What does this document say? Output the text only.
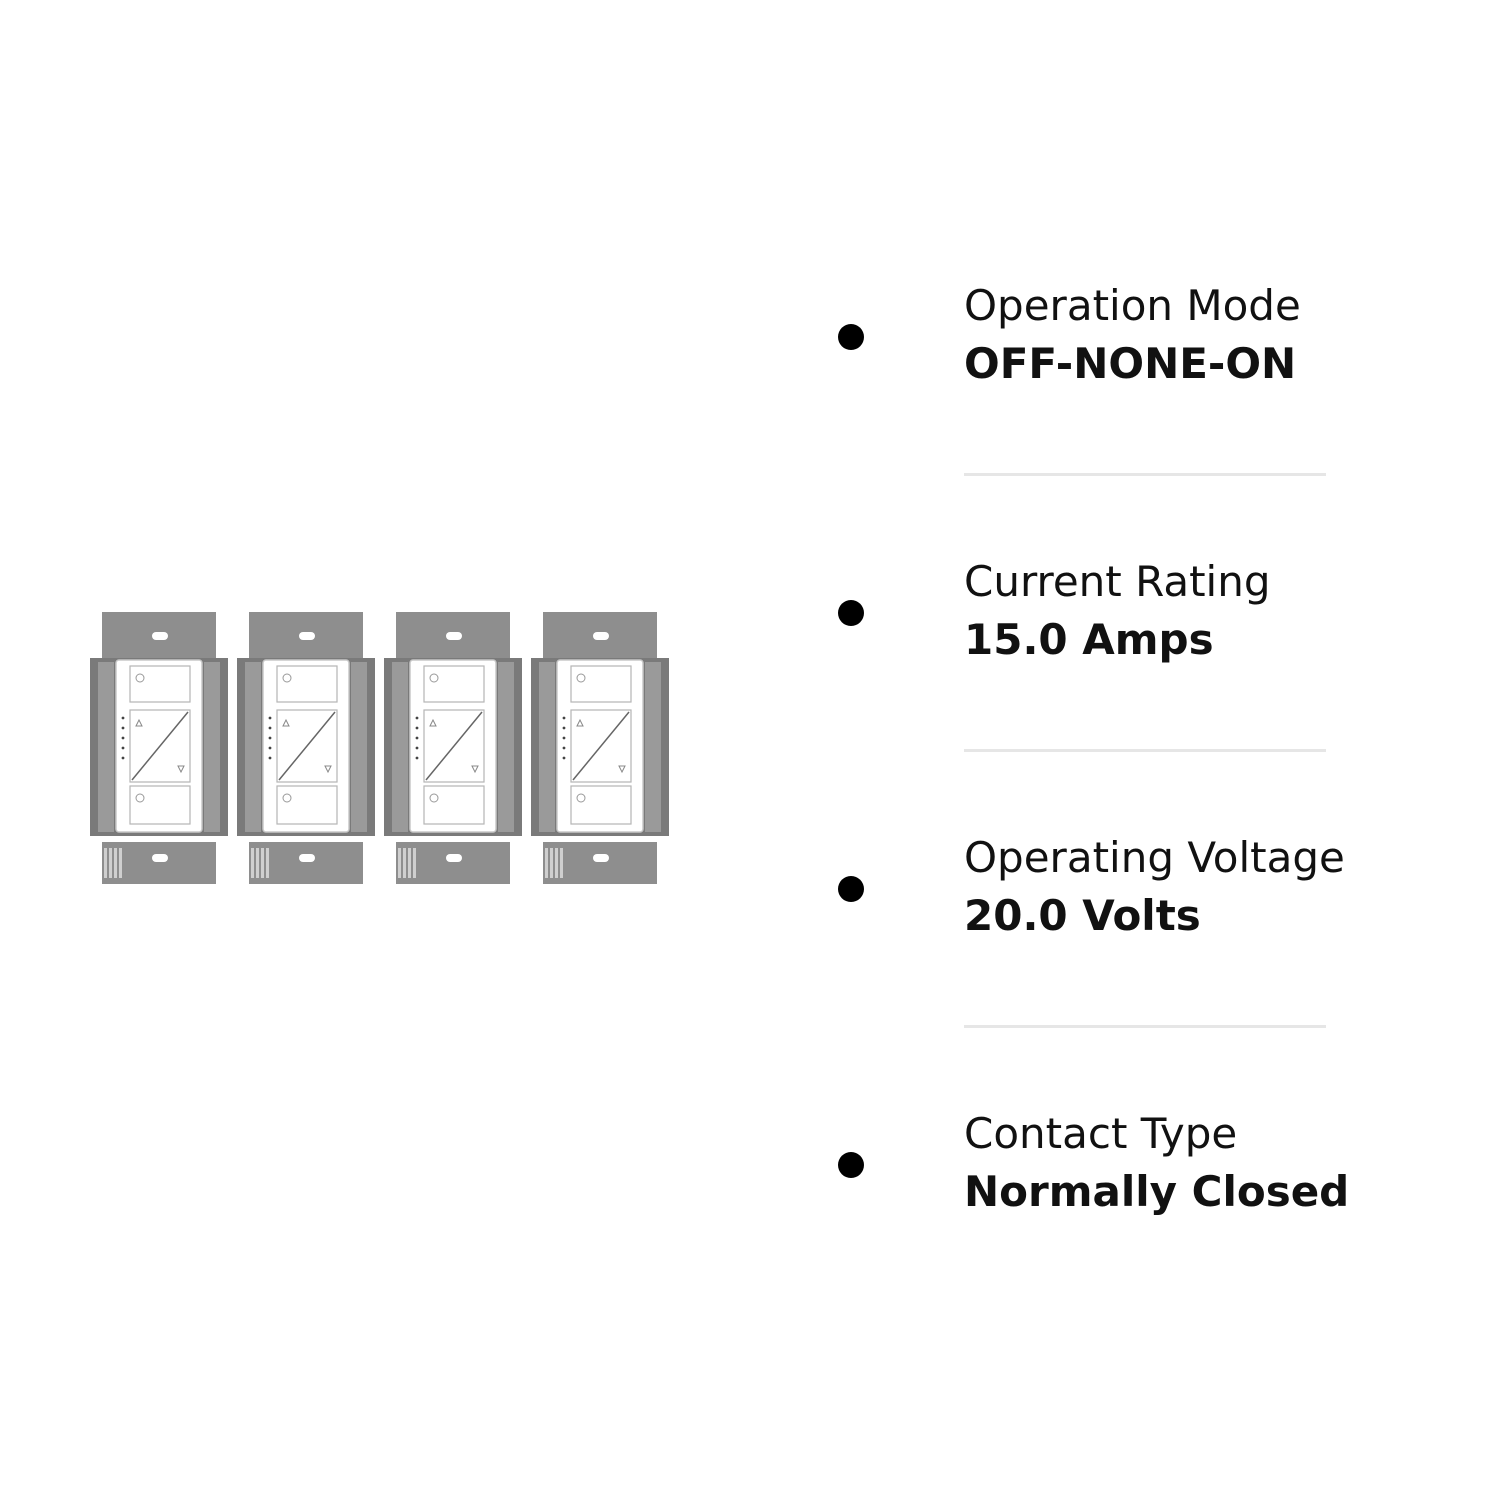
Operation Mode
OFF-NONE-ON
Current Rating
15.0 Amps
Operating Voltage
20.0 Volts
Contact Type
Normally Closed
